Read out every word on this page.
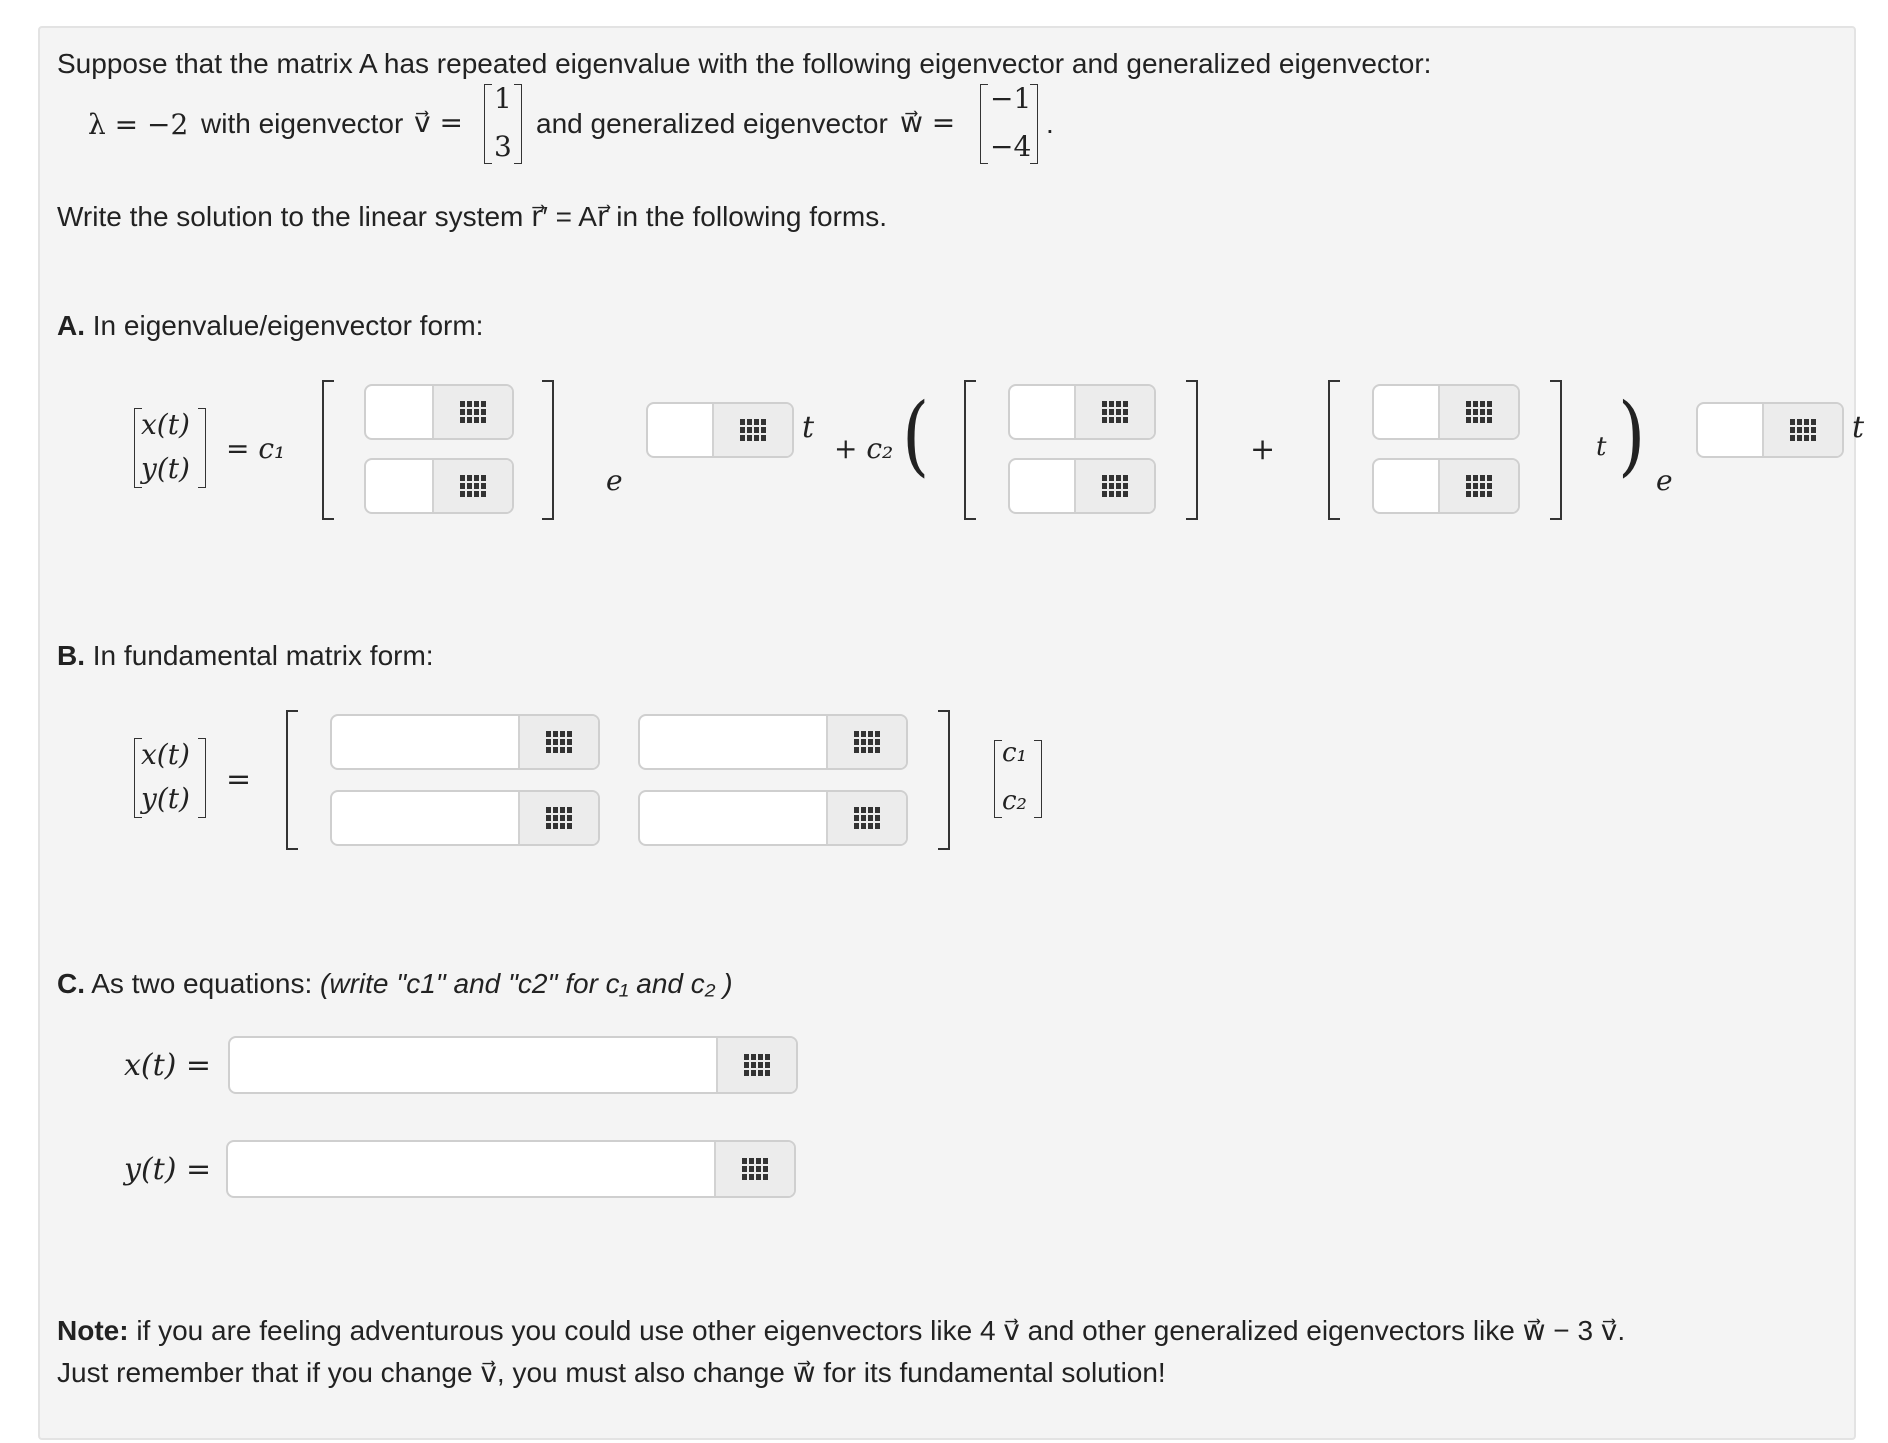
Suppose that the matrix A has repeated eigenvalue with the following eigenvector and generalized eigenvector:
λ = −2 with eigenvector v⃗ =
1
3
and generalized eigenvector w⃗ =
−1
−4
.
Write the solution to the linear system r⃗′ = Ar⃗ in the following forms.
A. In eigenvalue/eigenvector form:
x(t)
y(t)
= c₁
e
t
+ c₂ (	+	t ) e
t
B. In fundamental matrix form:
x(t)
y(t)
=
c₁
c₂
C. As two equations: (write "c1" and "c2" for c₁ and c₂ )
x(t) =
y(t) =
Note: if you are feeling adventurous you could use other eigenvectors like 4 v⃗ and other generalized eigenvectors like w⃗ − 3 v⃗.
Just remember that if you change v⃗, you must also change w⃗ for its fundamental solution!
